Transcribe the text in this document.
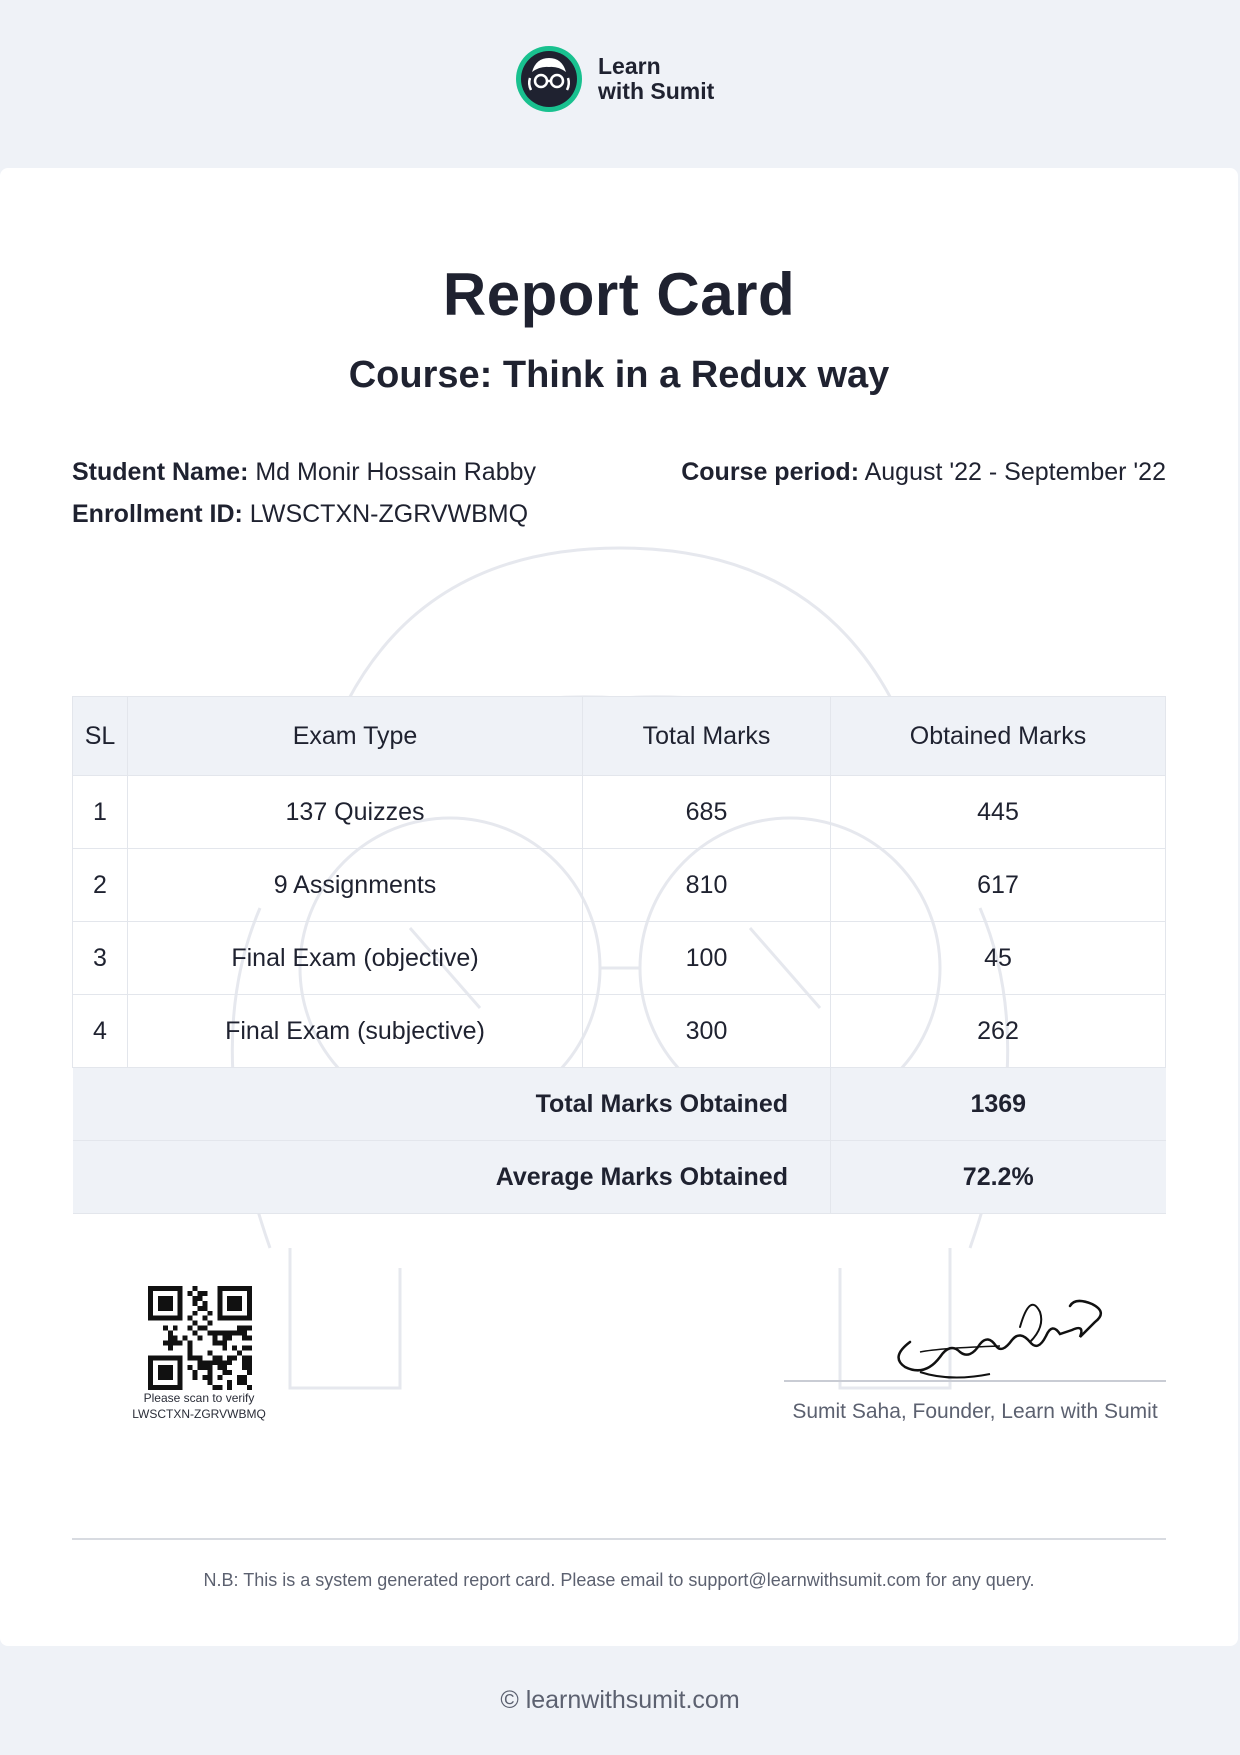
Learn
with Sumit
Report Card
Course: Think in a Redux way
Student Name: Md Monir Hossain Rabby
Enrollment ID: LWSCTXN-ZGRVWBMQ
Course period: August '22 - September '22
SL	Exam Type	Total Marks	Obtained Marks
1	137 Quizzes	685	445
2	9 Assignments	810	617
3	Final Exam (objective)	100	45
4	Final Exam (subjective)	300	262
Total Marks Obtained			1369
Average Marks Obtained			72.2%
Please scan to verify
LWSCTXN-ZGRVWBMQ	Sumit Saha, Founder, Learn with Sumit
N.B: This is a system generated report card. Please email to support@learnwithsumit.com for any query.
© learnwithsumit.com
